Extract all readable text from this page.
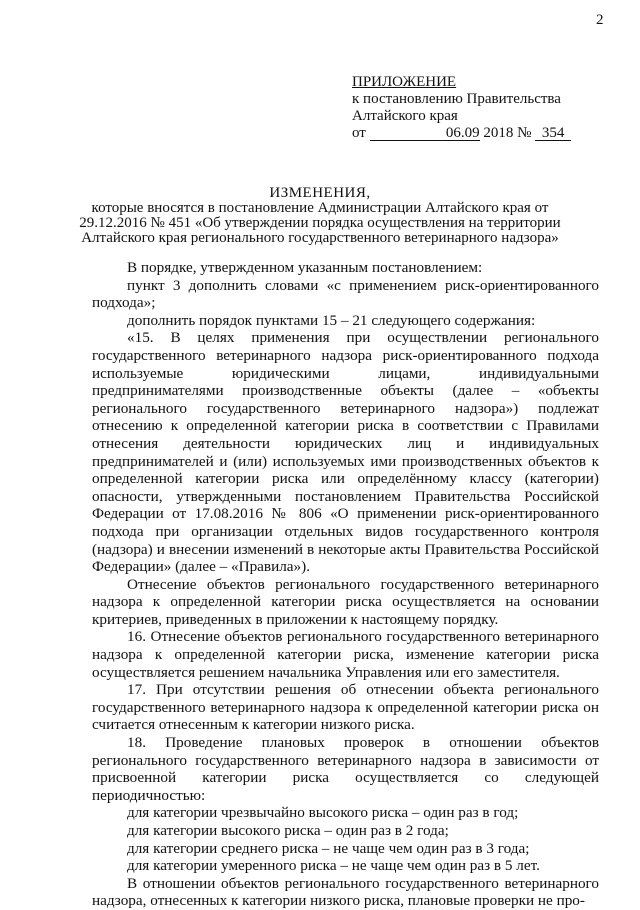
2
ПРИЛОЖЕНИЕ
к постановлению Правительства
Алтайского края
от	06.09 2018 № 354
ИЗМЕНЕНИЯ,
которые вносятся в постановление Администрации Алтайского края от
29.12.2016 № 451 «Об утверждении порядка осуществления на территории
Алтайского края регионального государственного ветеринарного надзора»

В порядке, утвержденном указанным постановлением:

пункт 3 дополнить словами «с применением риск-ориентированного подхода»;

дополнить порядок пунктами 15 – 21 следующего содержания:

«15. В целях применения при осуществлении регионального государственного ветеринарного надзора риск-ориентированного подхода используемые юридическими лицами, индивидуальными предпринимателями производственные объекты (далее – «объекты регионального государственного ветеринарного надзора») подлежат отнесению к определенной категории риска в соответствии с Правилами отнесения деятельности юридических лиц и индивидуальных предпринимателей и (или) используемых ими производственных объектов к определенной категории риска или определённому классу (категории) опасности, утвержденными постановлением Правительства Российской Федерации от 17.08.2016 № 806 «О применении риск-ориентированного подхода при организации отдельных видов государственного контроля (надзора) и внесении изменений в некоторые акты Правительства Российской Федерации» (далее – «Правила»).

Отнесение объектов регионального государственного ветеринарного надзора к определенной категории риска осуществляется на основании критериев, приведенных в приложении к настоящему порядку.

16. Отнесение объектов регионального государственного ветеринарного надзора к определенной категории риска, изменение категории риска осуществляется решением начальника Управления или его заместителя.

17. При отсутствии решения об отнесении объекта регионального государственного ветеринарного надзора к определенной категории риска он считается отнесенным к категории низкого риска.

18. Проведение плановых проверок в отношении объектов регионального государственного ветеринарного надзора в зависимости от присвоенной категории риска осуществляется со следующей периодичностью:

для категории чрезвычайно высокого риска – один раз в год;

для категории высокого риска – один раз в 2 года;

для категории среднего риска – не чаще чем один раз в 3 года;

для категории умеренного риска – не чаще чем один раз в 5 лет.

В отношении объектов регионального государственного ветеринарного надзора, отнесенных к категории низкого риска, плановые проверки не про-
